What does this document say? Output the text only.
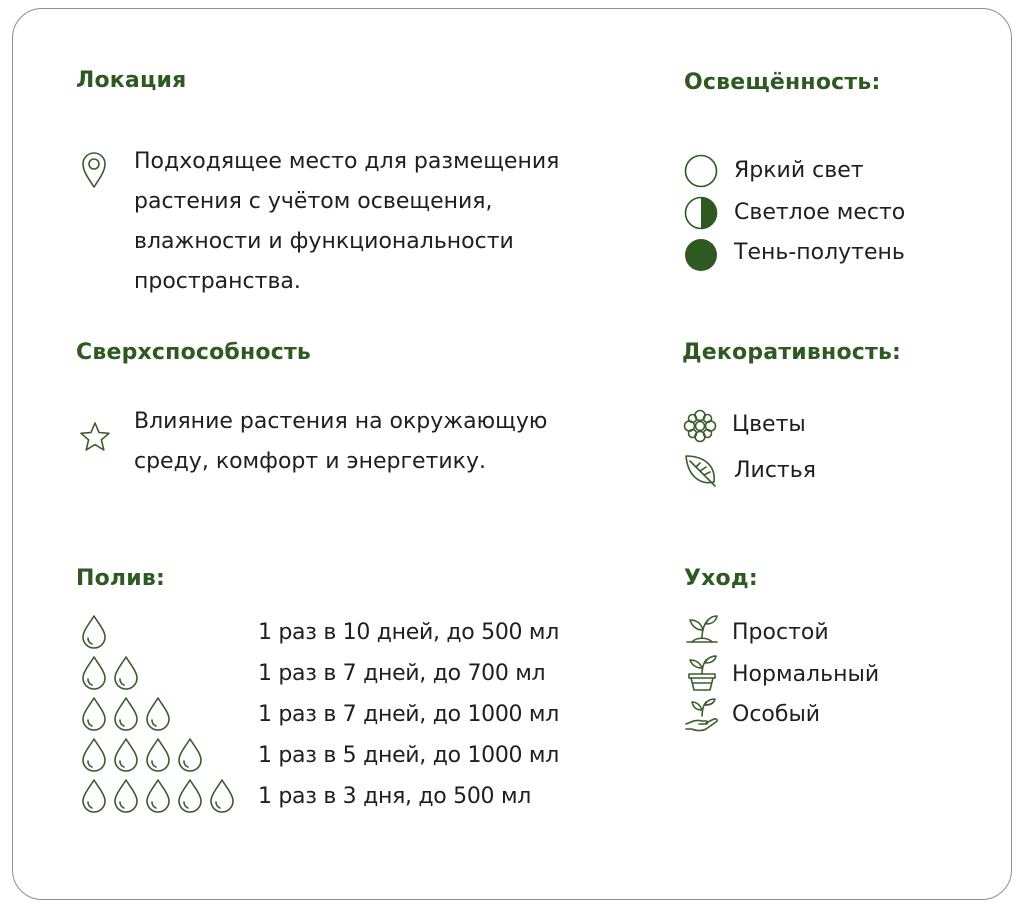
Локация
Подходящее место для размещения растения с учётом освещения, влажности и функциональности пространства.
Освещённость:
Яркий свет
Светлое место
Тень-полутень
Сверхспособность
Влияние растения на окружающую среду, комфорт и энергетику.
Декоративность:
Цветы
Листья
Полив:
1 раз в 10 дней, до 500 мл
1 раз в 7 дней, до 700 мл
1 раз в 7 дней, до 1000 мл
1 раз в 5 дней, до 1000 мл
1 раз в 3 дня, до 500 мл
Уход:
Простой
Нормальный
Особый
